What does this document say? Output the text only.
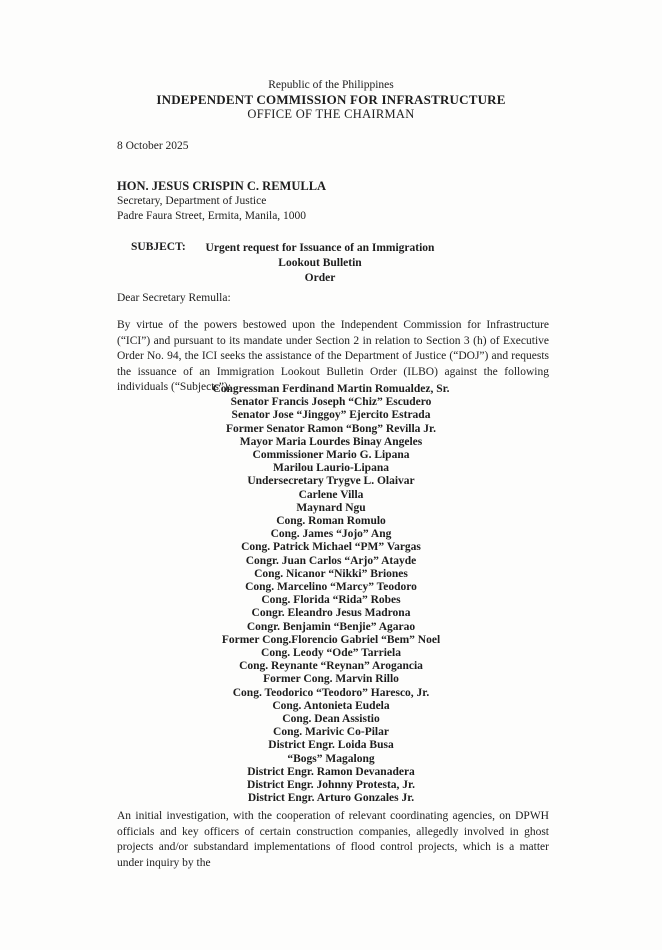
Republic of the Philippines
INDEPENDENT COMMISSION FOR INFRASTRUCTURE
OFFICE OF THE CHAIRMAN
8 October 2025
HON. JESUS CRISPIN C. REMULLA
Secretary, Department of Justice
Padre Faura Street, Ermita, Manila, 1000
SUBJECT:	Urgent request for Issuance of an Immigration Lookout Bulletin
Order
Dear Secretary Remulla:
By virtue of the powers bestowed upon the Independent Commission for Infrastructure (“ICI”) and pursuant to its mandate under Section 2 in relation to Section 3 (h) of Executive Order No. 94, the ICI seeks the assistance of the Department of Justice (“DOJ”) and requests the issuance of an Immigration Lookout Bulletin Order (ILBO) against the following individuals (“Subjects”):
Congressman Ferdinand Martin Romualdez, Sr.
Senator Francis Joseph “Chiz” Escudero
Senator Jose “Jinggoy” Ejercito Estrada
Former Senator Ramon “Bong” Revilla Jr.
Mayor Maria Lourdes Binay Angeles
Commissioner Mario G. Lipana
Marilou Laurio-Lipana
Undersecretary Trygve L. Olaivar
Carlene Villa
Maynard Ngu
Cong. Roman Romulo
Cong. James “Jojo” Ang
Cong. Patrick Michael “PM” Vargas
Congr. Juan Carlos “Arjo” Atayde
Cong. Nicanor “Nikki” Briones
Cong. Marcelino “Marcy” Teodoro
Cong. Florida “Rida” Robes
Congr. Eleandro Jesus Madrona
Congr. Benjamin “Benjie” Agarao
Former Cong.Florencio Gabriel “Bem” Noel
Cong. Leody “Ode” Tarriela
Cong. Reynante “Reynan” Arogancia
Former Cong. Marvin Rillo
Cong. Teodorico “Teodoro” Haresco, Jr.
Cong. Antonieta Eudela
Cong. Dean Assistio
Cong. Marivic Co-Pilar
District Engr. Loida Busa
“Bogs” Magalong
District Engr. Ramon Devanadera
District Engr. Johnny Protesta, Jr.
District Engr. Arturo Gonzales Jr.
An initial investigation, with the cooperation of relevant coordinating agencies, on DPWH officials and key officers of certain construction companies, allegedly involved in ghost projects and/or substandard implementations of flood control projects, which is a matter under inquiry by the
